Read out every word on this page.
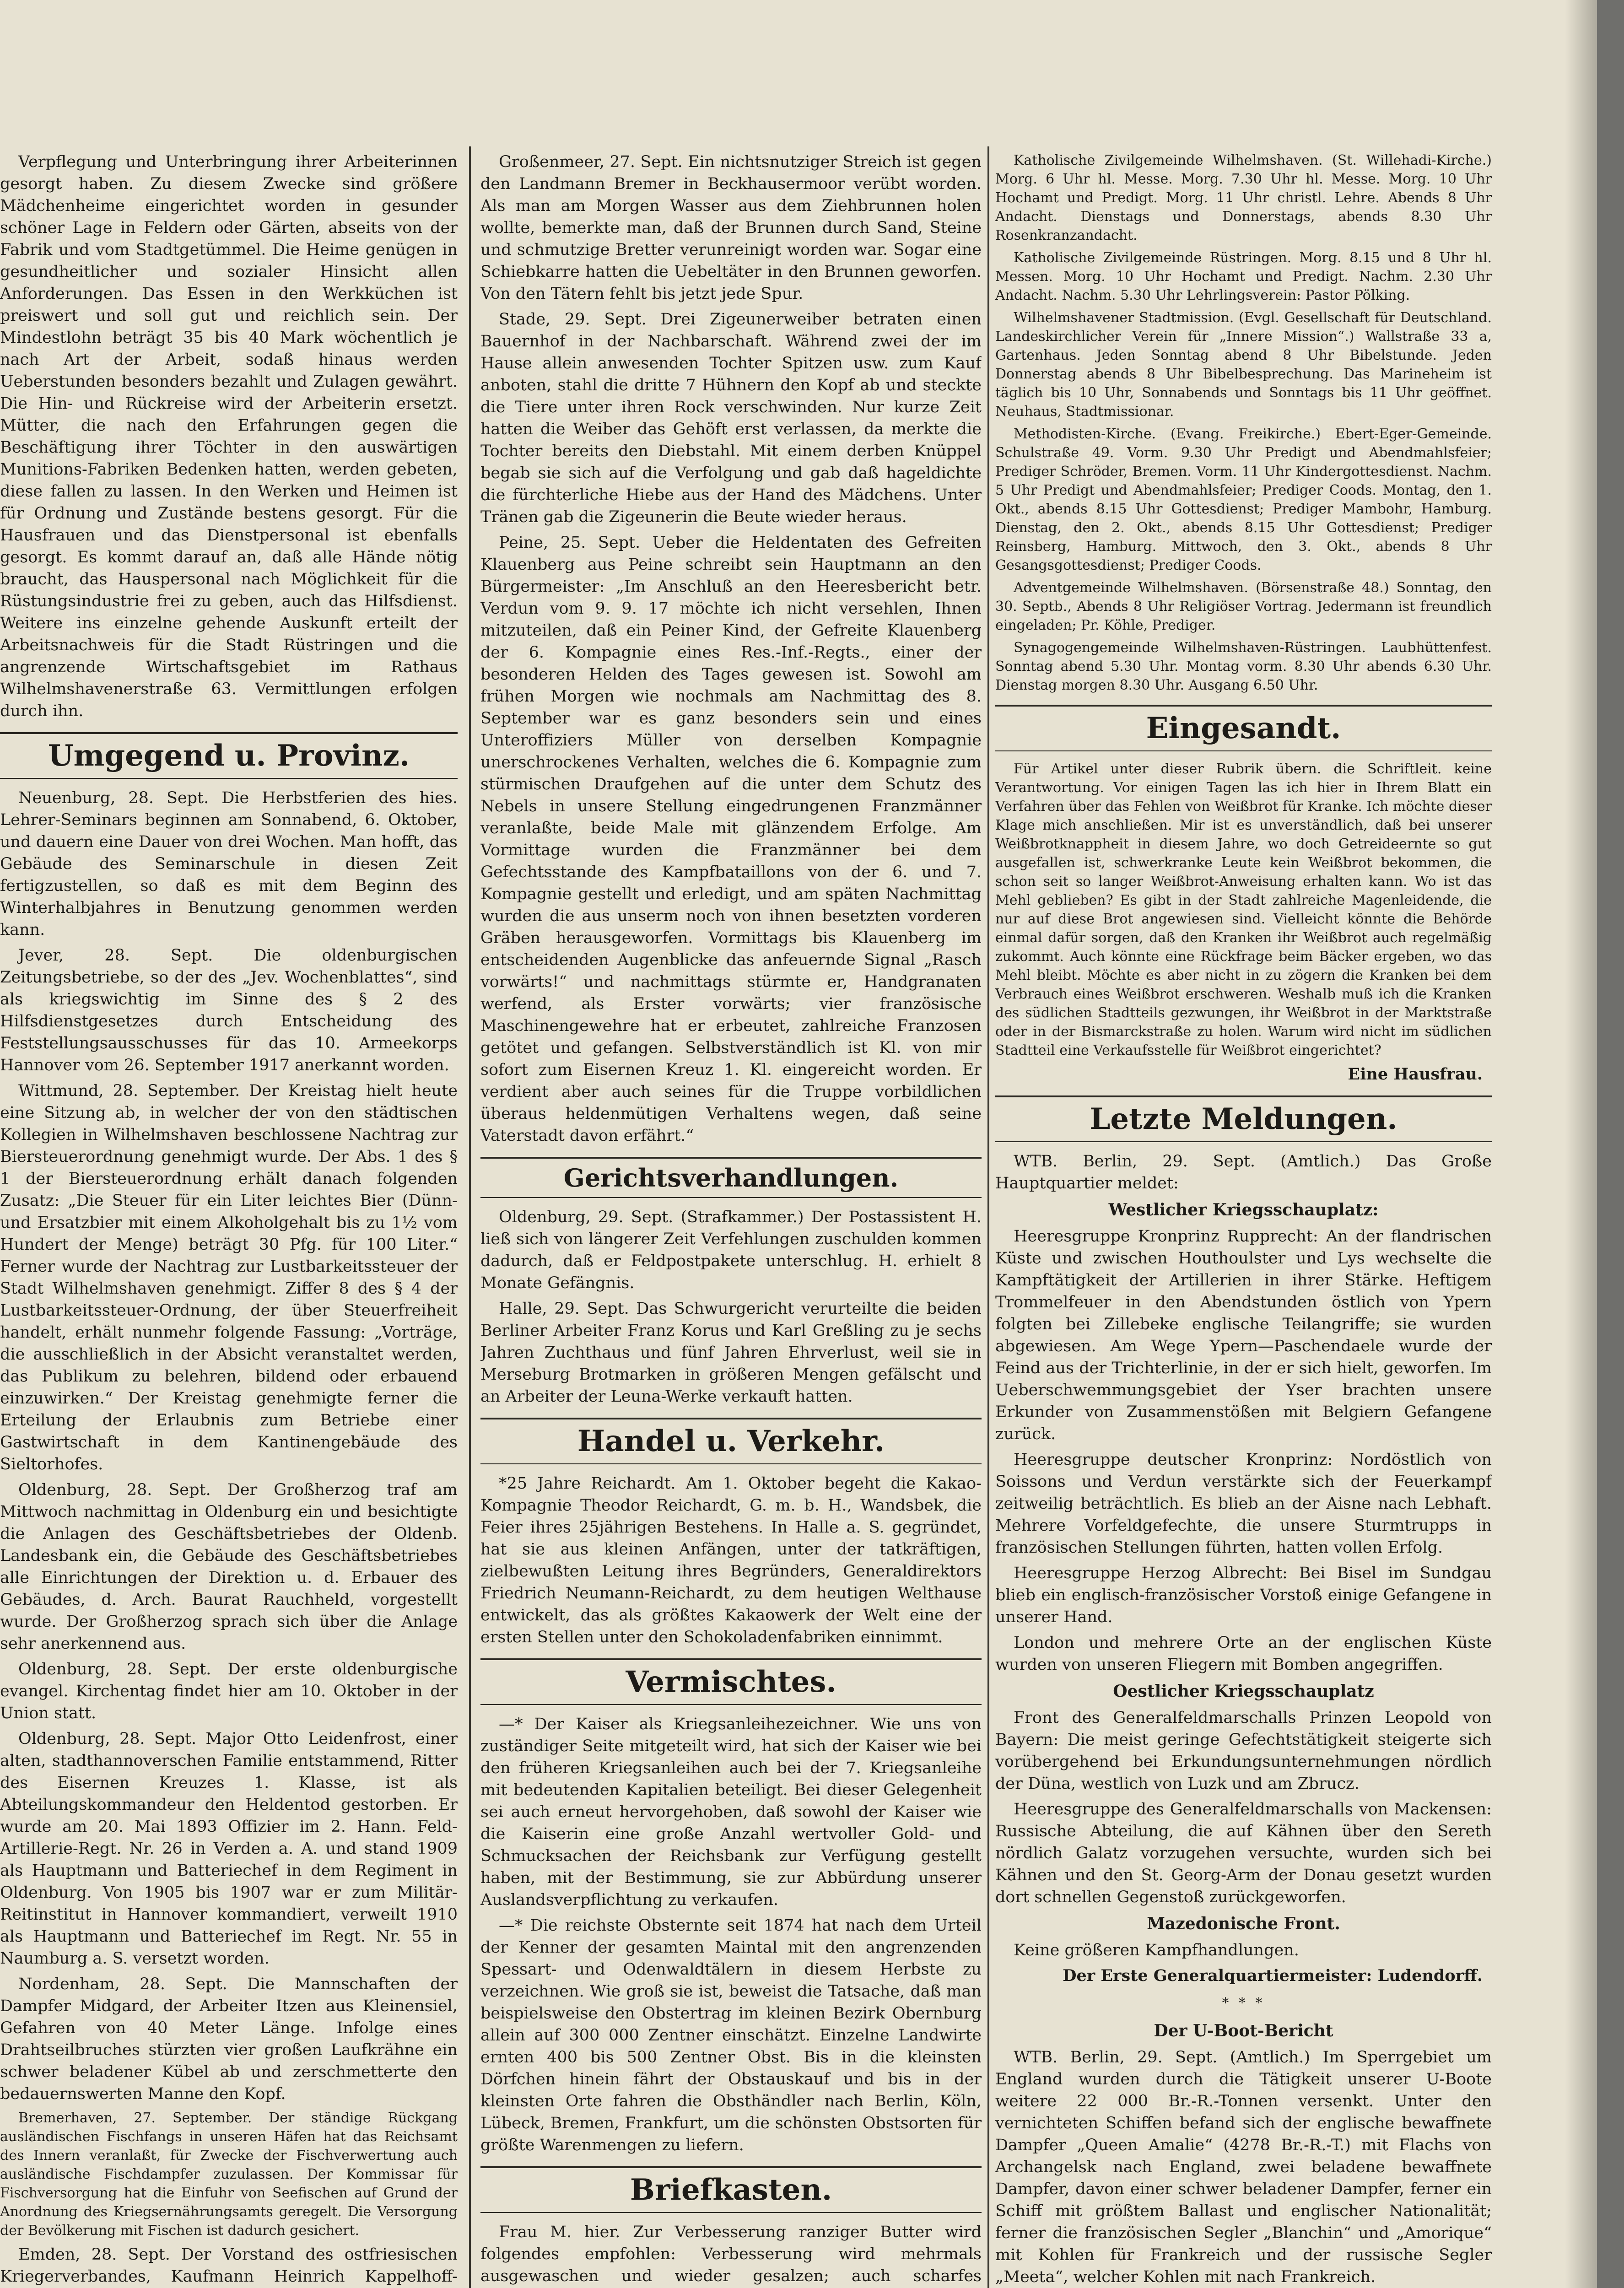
Verpflegung und Unterbringung ihrer Arbeiterinnen gesorgt haben. Zu diesem Zwecke sind größere Mädchenheime eingerichtet worden in gesunder schöner Lage in Feldern oder Gärten, abseits von der Fabrik und vom Stadtgetümmel. Die Heime genügen in gesundheitlicher und sozialer Hinsicht allen Anforderungen. Das Essen in den Werkküchen ist preiswert und soll gut und reichlich sein. Der Mindestlohn beträgt 35 bis 40 Mark wöchentlich je nach Art der Arbeit, sodaß hinaus werden Ueberstunden besonders bezahlt und Zulagen gewährt. Die Hin- und Rückreise wird der Arbeiterin ersetzt. Mütter, die nach den Erfahrungen gegen die Beschäftigung ihrer Töchter in den auswärtigen Munitions-Fabriken Bedenken hatten, werden gebeten, diese fallen zu lassen. In den Werken und Heimen ist für Ordnung und Zustände bestens gesorgt. Für die Hausfrauen und das Dienstpersonal ist ebenfalls gesorgt. Es kommt darauf an, daß alle Hände nötig braucht, das Hauspersonal nach Möglichkeit für die Rüstungsindustrie frei zu geben, auch das Hilfsdienst. Weitere ins einzelne gehende Auskunft erteilt der Arbeitsnachweis für die Stadt Rüstringen und die angrenzende Wirtschaftsgebiet im Rathaus Wilhelmshavenerstraße 63. Vermittlungen erfolgen durch ihn.

Umgegend u. Provinz.

Neuenburg, 28. Sept. Die Herbstferien des hies. Lehrer-Seminars beginnen am Sonnabend, 6. Oktober, und dauern eine Dauer von drei Wochen. Man hofft, das Gebäude des Seminarschule in diesen Zeit fertigzustellen, so daß es mit dem Beginn des Winterhalbjahres in Benutzung genommen werden kann.

Jever, 28. Sept. Die oldenburgischen Zeitungsbetriebe, so der des „Jev. Wochenblattes“, sind als kriegswichtig im Sinne des § 2 des Hilfsdienstgesetzes durch Entscheidung des Feststellungsausschusses für das 10. Armeekorps Hannover vom 26. September 1917 anerkannt worden.

Wittmund, 28. September. Der Kreistag hielt heute eine Sitzung ab, in welcher der von den städtischen Kollegien in Wilhelmshaven beschlossene Nachtrag zur Biersteuerordnung genehmigt wurde. Der Abs. 1 des § 1 der Biersteuerordnung erhält danach folgenden Zusatz: „Die Steuer für ein Liter leichtes Bier (Dünn- und Ersatzbier mit einem Alkoholgehalt bis zu 1½ vom Hundert der Menge) beträgt 30 Pfg. für 100 Liter.“ Ferner wurde der Nachtrag zur Lustbarkeitssteuer der Stadt Wilhelmshaven genehmigt. Ziffer 8 des § 4 der Lustbarkeitssteuer-Ordnung, der über Steuerfreiheit handelt, erhält nunmehr folgende Fassung: „Vorträge, die ausschließlich in der Absicht veranstaltet werden, das Publikum zu belehren, bildend oder erbauend einzuwirken.“ Der Kreistag genehmigte ferner die Erteilung der Erlaubnis zum Betriebe einer Gastwirtschaft in dem Kantinengebäude des Sieltorhofes.

Oldenburg, 28. Sept. Der Großherzog traf am Mittwoch nachmittag in Oldenburg ein und besichtigte die Anlagen des Geschäftsbetriebes der Oldenb. Landesbank ein, die Gebäude des Geschäftsbetriebes alle Einrichtungen der Direktion u. d. Erbauer des Gebäudes, d. Arch. Baurat Rauchheld, vorgestellt wurde. Der Großherzog sprach sich über die Anlage sehr anerkennend aus.

Oldenburg, 28. Sept. Der erste oldenburgische evangel. Kirchentag findet hier am 10. Oktober in der Union statt.

Oldenburg, 28. Sept. Major Otto Leidenfrost, einer alten, stadthannoverschen Familie entstammend, Ritter des Eisernen Kreuzes 1. Klasse, ist als Abteilungskommandeur den Heldentod gestorben. Er wurde am 20. Mai 1893 Offizier im 2. Hann. Feld-Artillerie-Regt. Nr. 26 in Verden a. A. und stand 1909 als Hauptmann und Batteriechef in dem Regiment in Oldenburg. Von 1905 bis 1907 war er zum Militär-Reitinstitut in Hannover kommandiert, verweilt 1910 als Hauptmann und Batteriechef im Regt. Nr. 55 in Naumburg a. S. versetzt worden.

Nordenham, 28. Sept. Die Mannschaften der Dampfer Midgard, der Arbeiter Itzen aus Kleinensiel, Gefahren von 40 Meter Länge. Infolge eines Drahtseilbruches stürzten vier großen Laufkrähne ein schwer beladener Kübel ab und zerschmetterte den bedauernswerten Manne den Kopf.

Bremerhaven, 27. September. Der ständige Rückgang ausländischen Fischfangs in unseren Häfen hat das Reichsamt des Innern veranlaßt, für Zwecke der Fischverwertung auch ausländische Fischdampfer zuzulassen. Der Kommissar für Fischversorgung hat die Einfuhr von Seefischen auf Grund der Anordnung des Kriegsernährungsamts geregelt. Die Versorgung der Bevölkerung mit Fischen ist dadurch gesichert.

Emden, 28. Sept. Der Vorstand des ostfriesischen Kriegerverbandes, Kaufmann Heinrich Kappelhoff-

Großenmeer, 27. Sept. Ein nichtsnutziger Streich ist gegen den Landmann Bremer in Beckhausermoor verübt worden. Als man am Morgen Wasser aus dem Ziehbrunnen holen wollte, bemerkte man, daß der Brunnen durch Sand, Steine und schmutzige Bretter verunreinigt worden war. Sogar eine Schiebkarre hatten die Uebeltäter in den Brunnen geworfen. Von den Tätern fehlt bis jetzt jede Spur.

Stade, 29. Sept. Drei Zigeunerweiber betraten einen Bauernhof in der Nachbarschaft. Während zwei der im Hause allein anwesenden Tochter Spitzen usw. zum Kauf anboten, stahl die dritte 7 Hühnern den Kopf ab und steckte die Tiere unter ihren Rock verschwinden. Nur kurze Zeit hatten die Weiber das Gehöft erst verlassen, da merkte die Tochter bereits den Diebstahl. Mit einem derben Knüppel begab sie sich auf die Verfolgung und gab daß hageldichte die fürchterliche Hiebe aus der Hand des Mädchens. Unter Tränen gab die Zigeunerin die Beute wieder heraus.

Peine, 25. Sept. Ueber die Heldentaten des Gefreiten Klauenberg aus Peine schreibt sein Hauptmann an den Bürgermeister: „Im Anschluß an den Heeresbericht betr. Verdun vom 9. 9. 17 möchte ich nicht versehlen, Ihnen mitzuteilen, daß ein Peiner Kind, der Gefreite Klauenberg der 6. Kompagnie eines Res.-Inf.-Regts., einer der besonderen Helden des Tages gewesen ist. Sowohl am frühen Morgen wie nochmals am Nachmittag des 8. September war es ganz besonders sein und eines Unteroffiziers Müller von derselben Kompagnie unerschrockenes Verhalten, welches die 6. Kompagnie zum stürmischen Draufgehen auf die unter dem Schutz des Nebels in unsere Stellung eingedrungenen Franzmänner veranlaßte, beide Male mit glänzendem Erfolge. Am Vormittage wurden die Franzmänner bei dem Gefechtsstande des Kampfbataillons von der 6. und 7. Kompagnie gestellt und erledigt, und am späten Nachmittag wurden die aus unserm noch von ihnen besetzten vorderen Gräben herausgeworfen. Vormittags bis Klauenberg im entscheidenden Augenblicke das anfeuernde Signal „Rasch vorwärts!“ und nachmittags stürmte er, Handgranaten werfend, als Erster vorwärts; vier französische Maschinengewehre hat er erbeutet, zahlreiche Franzosen getötet und gefangen. Selbstverständlich ist Kl. von mir sofort zum Eisernen Kreuz 1. Kl. eingereicht worden. Er verdient aber auch seines für die Truppe vorbildlichen überaus heldenmütigen Verhaltens wegen, daß seine Vaterstadt davon erfährt.“

Gerichtsverhandlungen.

Oldenburg, 29. Sept. (Strafkammer.) Der Postassistent H. ließ sich von längerer Zeit Verfehlungen zuschulden kommen dadurch, daß er Feldpostpakete unterschlug. H. erhielt 8 Monate Gefängnis.

Halle, 29. Sept. Das Schwurgericht verurteilte die beiden Berliner Arbeiter Franz Korus und Karl Greßling zu je sechs Jahren Zuchthaus und fünf Jahren Ehrverlust, weil sie in Merseburg Brotmarken in größeren Mengen gefälscht und an Arbeiter der Leuna-Werke verkauft hatten.

Handel u. Verkehr.

*25 Jahre Reichardt. Am 1. Oktober begeht die Kakao-Kompagnie Theodor Reichardt, G. m. b. H., Wandsbek, die Feier ihres 25jährigen Bestehens. In Halle a. S. gegründet, hat sie aus kleinen Anfängen, unter der tatkräftigen, zielbewußten Leitung ihres Begründers, Generaldirektors Friedrich Neumann-Reichardt, zu dem heutigen Welthause entwickelt, das als größtes Kakaowerk der Welt eine der ersten Stellen unter den Schokoladenfabriken einnimmt.

Vermischtes.

—* Der Kaiser als Kriegsanleihezeichner. Wie uns von zuständiger Seite mitgeteilt wird, hat sich der Kaiser wie bei den früheren Kriegsanleihen auch bei der 7. Kriegsanleihe mit bedeutenden Kapitalien beteiligt. Bei dieser Gelegenheit sei auch erneut hervorgehoben, daß sowohl der Kaiser wie die Kaiserin eine große Anzahl wertvoller Gold- und Schmucksachen der Reichsbank zur Verfügung gestellt haben, mit der Bestimmung, sie zur Abbürdung unserer Auslandsverpflichtung zu verkaufen.

—* Die reichste Obsternte seit 1874 hat nach dem Urteil der Kenner der gesamten Maintal mit den angrenzenden Spessart- und Odenwaldtälern in diesem Herbste zu verzeichnen. Wie groß sie ist, beweist die Tatsache, daß man beispielsweise den Obstertrag im kleinen Bezirk Obernburg allein auf 300 000 Zentner einschätzt. Einzelne Landwirte ernten 400 bis 500 Zentner Obst. Bis in die kleinsten Dörfchen hinein fährt der Obstauskauf und bis in der kleinsten Orte fahren die Obsthändler nach Berlin, Köln, Lübeck, Bremen, Frankfurt, um die schönsten Obstsorten für größte Warenmengen zu liefern.

Briefkasten.

Frau M. hier. Zur Verbesserung ranziger Butter wird folgendes empfohlen: Verbesserung wird mehrmals ausgewaschen und wieder gesalzen; auch scharfes

Katholische Zivilgemeinde Wilhelmshaven. (St. Willehadi-Kirche.) Morg. 6 Uhr hl. Messe. Morg. 7.30 Uhr hl. Messe. Morg. 10 Uhr Hochamt und Predigt. Morg. 11 Uhr christl. Lehre. Abends 8 Uhr Andacht. Dienstags und Donnerstags, abends 8.30 Uhr Rosenkranzandacht.

Katholische Zivilgemeinde Rüstringen. Morg. 8.15 und 8 Uhr hl. Messen. Morg. 10 Uhr Hochamt und Predigt. Nachm. 2.30 Uhr Andacht. Nachm. 5.30 Uhr Lehrlingsverein: Pastor Pölking.

Wilhelmshavener Stadtmission. (Evgl. Gesellschaft für Deutschland. Landeskirchlicher Verein für „Innere Mission“.) Wallstraße 33 a, Gartenhaus. Jeden Sonntag abend 8 Uhr Bibelstunde. Jeden Donnerstag abends 8 Uhr Bibelbesprechung. Das Marineheim ist täglich bis 10 Uhr, Sonnabends und Sonntags bis 11 Uhr geöffnet. Neuhaus, Stadtmissionar.

Methodisten-Kirche. (Evang. Freikirche.) Ebert-Eger-Gemeinde. Schulstraße 49. Vorm. 9.30 Uhr Predigt und Abendmahlsfeier; Prediger Schröder, Bremen. Vorm. 11 Uhr Kindergottesdienst. Nachm. 5 Uhr Predigt und Abendmahlsfeier; Prediger Coods. Montag, den 1. Okt., abends 8.15 Uhr Gottesdienst; Prediger Mambohr, Hamburg. Dienstag, den 2. Okt., abends 8.15 Uhr Gottesdienst; Prediger Reinsberg, Hamburg. Mittwoch, den 3. Okt., abends 8 Uhr Gesangsgottesdienst; Prediger Coods.

Adventgemeinde Wilhelmshaven. (Börsenstraße 48.) Sonntag, den 30. Septb., Abends 8 Uhr Religiöser Vortrag. Jedermann ist freundlich eingeladen; Pr. Köhle, Prediger.

Synagogengemeinde Wilhelmshaven-Rüstringen. Laubhüttenfest. Sonntag abend 5.30 Uhr. Montag vorm. 8.30 Uhr abends 6.30 Uhr. Dienstag morgen 8.30 Uhr. Ausgang 6.50 Uhr.

Eingesandt.

Für Artikel unter dieser Rubrik übern. die Schriftleit. keine Verantwortung. Vor einigen Tagen las ich hier in Ihrem Blatt ein Verfahren über das Fehlen von Weißbrot für Kranke. Ich möchte dieser Klage mich anschließen. Mir ist es unverständlich, daß bei unserer Weißbrotknappheit in diesem Jahre, wo doch Getreideernte so gut ausgefallen ist, schwerkranke Leute kein Weißbrot bekommen, die schon seit so langer Weißbrot-Anweisung erhalten kann. Wo ist das Mehl geblieben? Es gibt in der Stadt zahlreiche Magenleidende, die nur auf diese Brot angewiesen sind. Vielleicht könnte die Behörde einmal dafür sorgen, daß den Kranken ihr Weißbrot auch regelmäßig zukommt. Auch könnte eine Rückfrage beim Bäcker ergeben, wo das Mehl bleibt. Möchte es aber nicht in zu zögern die Kranken bei dem Verbrauch eines Weißbrot erschweren. Weshalb muß ich die Kranken des südlichen Stadtteils gezwungen, ihr Weißbrot in der Marktstraße oder in der Bismarckstraße zu holen. Warum wird nicht im südlichen Stadtteil eine Verkaufsstelle für Weißbrot eingerichtet?

Eine Hausfrau.
Letzte Meldungen.

WTB. Berlin, 29. Sept. (Amtlich.) Das Große Hauptquartier meldet:

Westlicher Kriegsschauplatz:

Heeresgruppe Kronprinz Rupprecht: An der flandrischen Küste und zwischen Houthoulster und Lys wechselte die Kampftätigkeit der Artillerien in ihrer Stärke. Heftigem Trommelfeuer in den Abendstunden östlich von Ypern folgten bei Zillebeke englische Teilangriffe; sie wurden abgewiesen. Am Wege Ypern—Paschendaele wurde der Feind aus der Trichterlinie, in der er sich hielt, geworfen. Im Ueberschwemmungsgebiet der Yser brachten unsere Erkunder von Zusammenstößen mit Belgiern Gefangene zurück.

Heeresgruppe deutscher Kronprinz: Nordöstlich von Soissons und Verdun verstärkte sich der Feuerkampf zeitweilig beträchtlich. Es blieb an der Aisne nach Lebhaft. Mehrere Vorfeldgefechte, die unsere Sturmtrupps in französischen Stellungen führten, hatten vollen Erfolg.

Heeresgruppe Herzog Albrecht: Bei Bisel im Sundgau blieb ein englisch-französischer Vorstoß einige Gefangene in unserer Hand.

London und mehrere Orte an der englischen Küste wurden von unseren Fliegern mit Bomben angegriffen.

Oestlicher Kriegsschauplatz

Front des Generalfeldmarschalls Prinzen Leopold von Bayern: Die meist geringe Gefechtstätigkeit steigerte sich vorübergehend bei Erkundungsunternehmungen nördlich der Düna, westlich von Luzk und am Zbrucz.

Heeresgruppe des Generalfeldmarschalls von Mackensen: Russische Abteilung, die auf Kähnen über den Sereth nördlich Galatz vorzugehen versuchte, wurden sich bei Kähnen und den St. Georg-Arm der Donau gesetzt wurden dort schnellen Gegenstoß zurückgeworfen.

Mazedonische Front.

Keine größeren Kampfhandlungen.

Der Erste Generalquartiermeister: Ludendorff.
* * *
Der U-Boot-Bericht

WTB. Berlin, 29. Sept. (Amtlich.) Im Sperrgebiet um England wurden durch die Tätigkeit unserer U-Boote weitere 22 000 Br.-R.-Tonnen versenkt. Unter den vernichteten Schiffen befand sich der englische bewaffnete Dampfer „Queen Amalie“ (4278 Br.-R.-T.) mit Flachs von Archangelsk nach England, zwei beladene bewaffnete Dampfer, davon einer schwer beladener Dampfer, ferner ein Schiff mit größtem Ballast und englischer Nationalität; ferner die französischen Segler „Blanchin“ und „Amorique“ mit Kohlen für Frankreich und der russische Segler „Meeta“, welcher Kohlen mit nach Frankreich.
